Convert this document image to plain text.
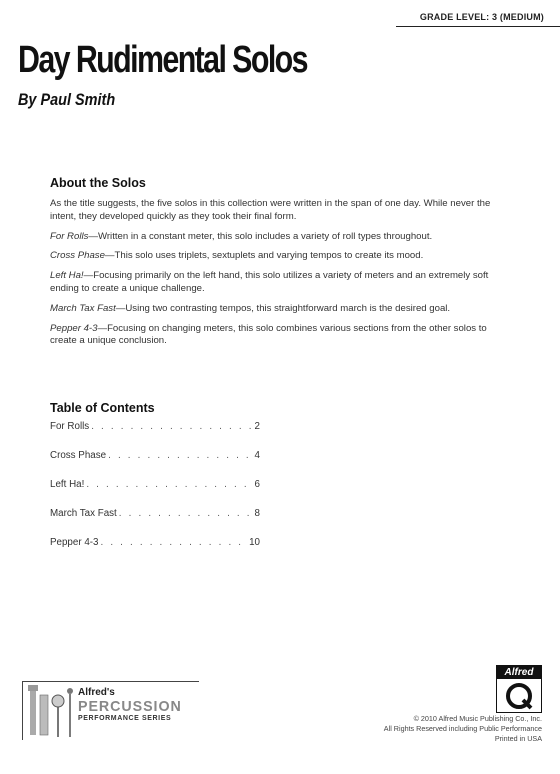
GRADE LEVEL: 3 (MEDIUM)
Day Rudimental Solos

By Paul Smith

About the Solos

As the title suggests, the five solos in this collection were written in the span of one day. While never the intent, they developed quickly as they took their final form.

For Rolls—Written in a constant meter, this solo includes a variety of roll types throughout.

Cross Phase—This solo uses triplets, sextuplets and varying tempos to create its mood.

Left Ha!—Focusing primarily on the left hand, this solo utilizes a variety of meters and an extremely soft ending to create a unique challenge.

March Tax Fast—Using two contrasting tempos, this straightforward march is the desired goal.

Pepper 4-3—Focusing on changing meters, this solo combines various sections from the other solos to create a unique conclusion.

Table of Contents
For Rolls . . .	2
Cross Phase . . .	4
Left Ha! . . .	6
March Tax Fast . . .	8
Pepper 4-3 . . .	10

Alfred's

PERCUSSION

PERFORMANCE SERIES

Alfred

© 2010 Alfred Music Publishing Co., Inc.

All Rights Reserved including Public Performance

Printed in USA
